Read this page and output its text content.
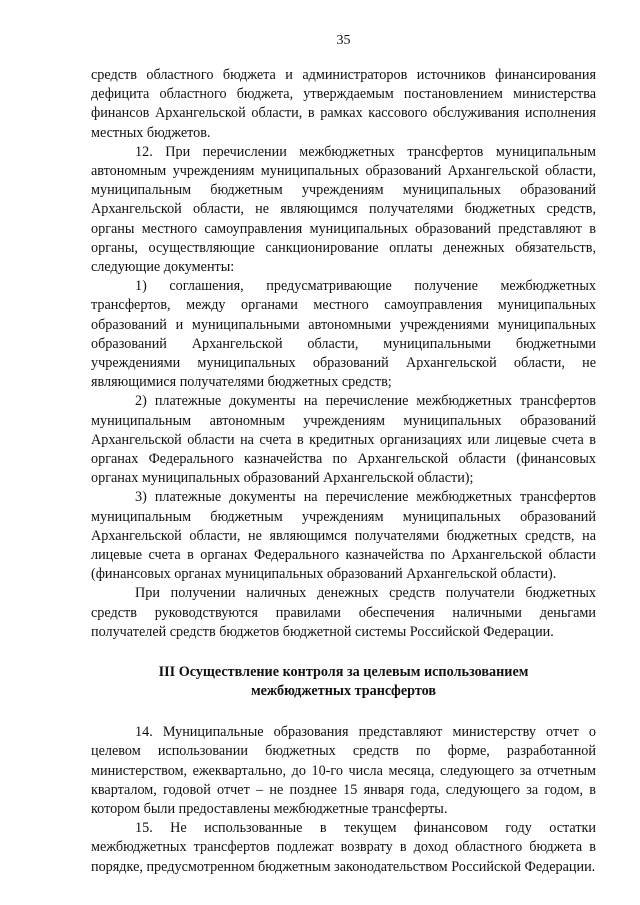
35

средств областного бюджета и администраторов источников финансирования дефицита областного бюджета, утверждаемым постановлением министерства финансов Архангельской области, в рамках кассового обслуживания исполнения местных бюджетов.

12. При перечислении межбюджетных трансфертов муниципальным автономным учреждениям муниципальных образований Архангельской области, муниципальным бюджетным учреждениям муниципальных образований Архангельской области, не являющимся получателями бюджетных средств, органы местного самоуправления муниципальных образований представляют в органы, осуществляющие санкционирование оплаты денежных обязательств, следующие документы:

1) соглашения, предусматривающие получение межбюджетных трансфертов, между органами местного самоуправления муниципальных образований и муниципальными автономными учреждениями муниципальных образований Архангельской области, муниципальными бюджетными учреждениями муниципальных образований Архангельской области, не являющимися получателями бюджетных средств;

2) платежные документы на перечисление межбюджетных трансфертов муниципальным автономным учреждениям муниципальных образований Архангельской области на счета в кредитных организациях или лицевые счета в органах Федерального казначейства по Архангельской области (финансовых органах муниципальных образований Архангельской области);

3) платежные документы на перечисление межбюджетных трансфертов муниципальным бюджетным учреждениям муниципальных образований Архангельской области, не являющимся получателями бюджетных средств, на лицевые счета в органах Федерального казначейства по Архангельской области (финансовых органах муниципальных образований Архангельской области).

При получении наличных денежных средств получатели бюджетных средств руководствуются правилами обеспечения наличными деньгами получателей средств бюджетов бюджетной системы Российской Федерации.

III Осуществление контроля за целевым использованием
межбюджетных трансфертов

14. Муниципальные образования представляют министерству отчет о целевом использовании бюджетных средств по форме, разработанной министерством, ежеквартально, до 10-го числа месяца, следующего за отчетным кварталом, годовой отчет – не позднее 15 января года, следующего за годом, в котором были предоставлены межбюджетные трансферты.

15. Не использованные в текущем финансовом году остатки межбюджетных трансфертов подлежат возврату в доход областного бюджета в порядке, предусмотренном бюджетным законодательством Российской Федерации.
